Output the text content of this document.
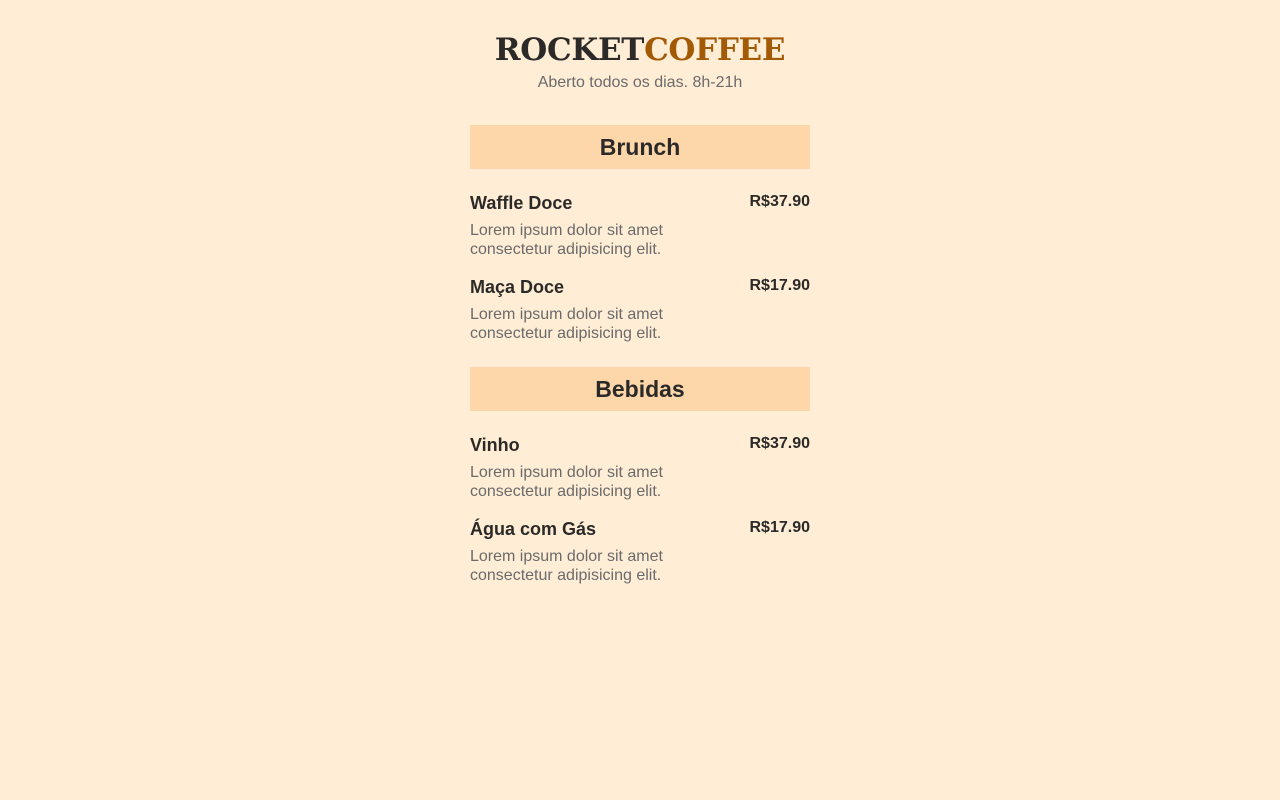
ROCKETCOFFEE
Aberto todos os dias. 8h-21h
Brunch
Waffle Doce	R$37.90
Lorem ipsum dolor sit amet consectetur adipisicing elit.
Maça Doce	R$17.90
Lorem ipsum dolor sit amet consectetur adipisicing elit.
Bebidas
Vinho	R$37.90
Lorem ipsum dolor sit amet consectetur adipisicing elit.
Água com Gás	R$17.90
Lorem ipsum dolor sit amet consectetur adipisicing elit.
